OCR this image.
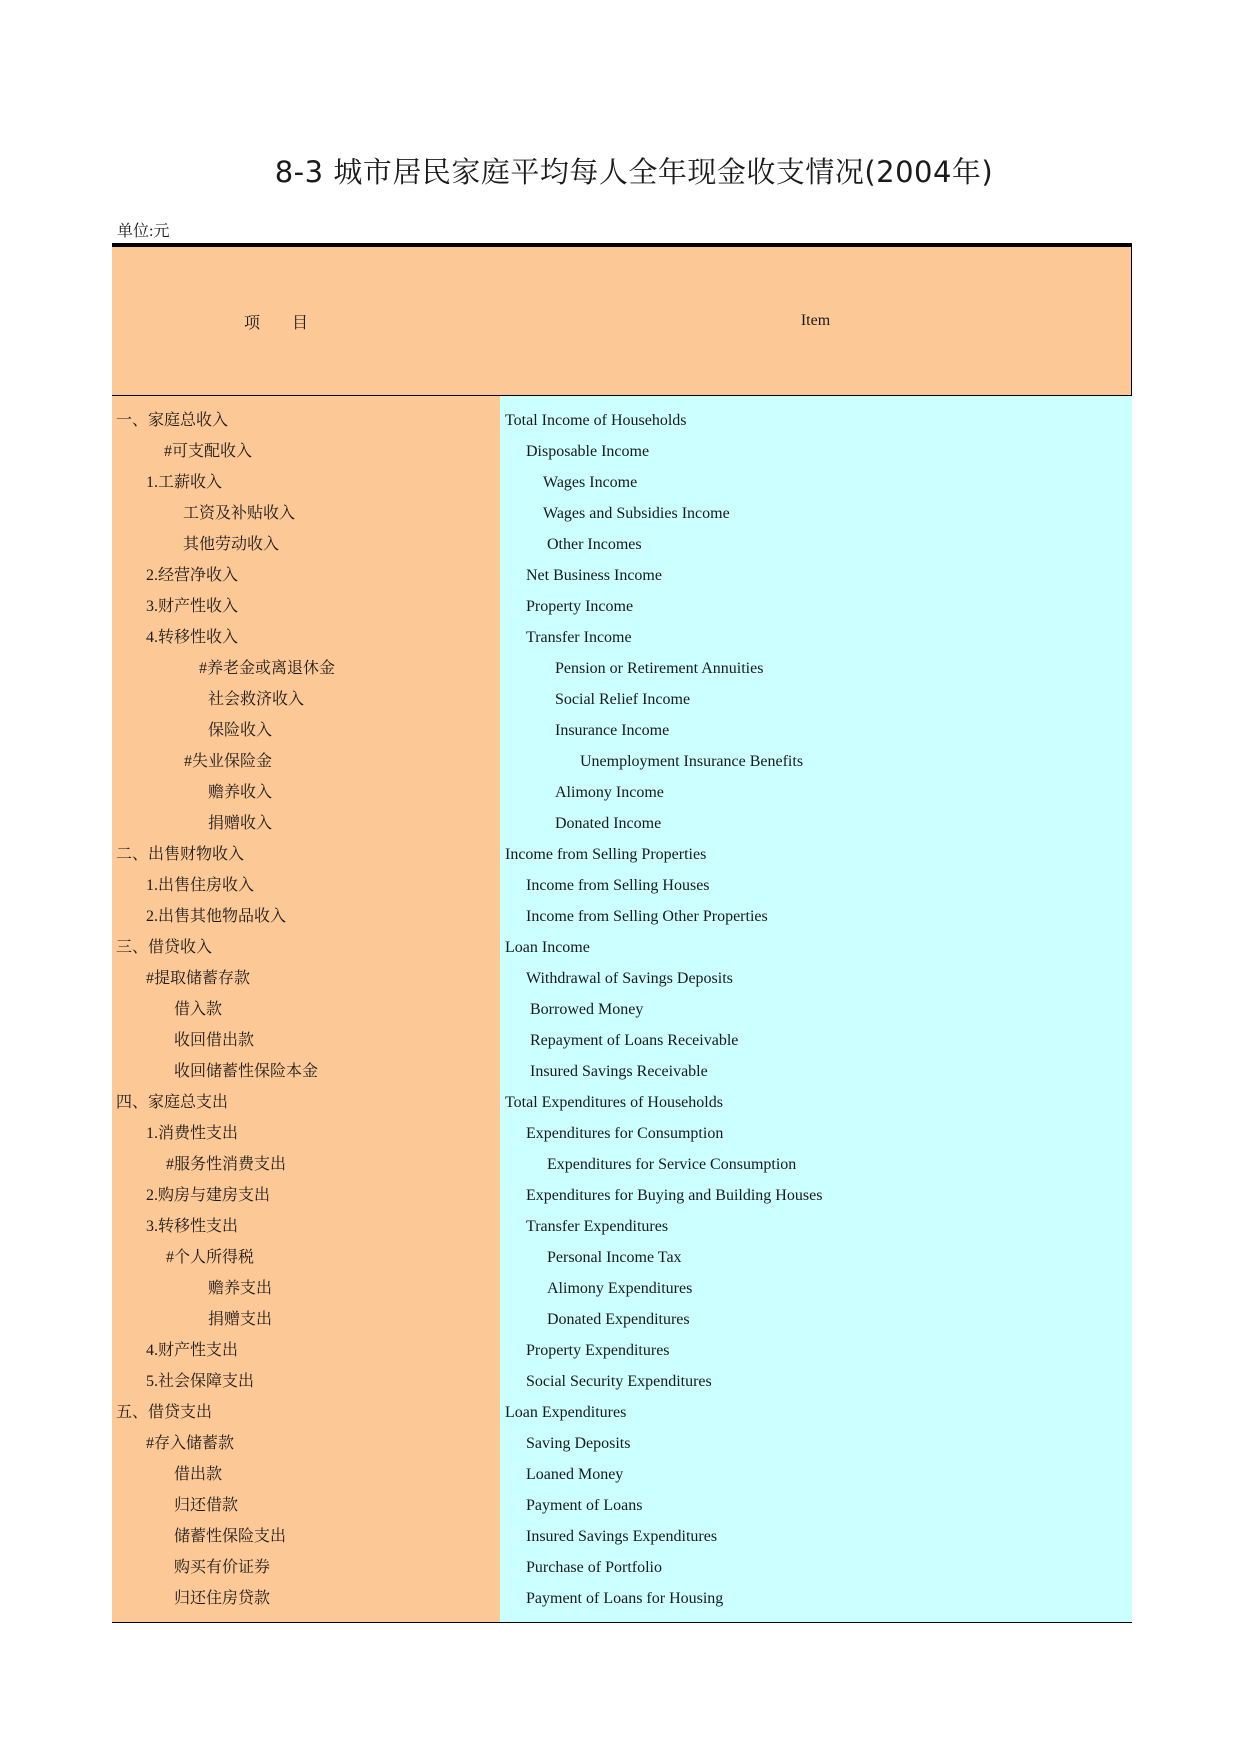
8-3 城市居民家庭平均每人全年现金收支情况(2004年)
单位:元
项　　目	Item
一、家庭总收入
#可支配收入
1.工薪收入
工资及补贴收入
其他劳动收入
2.经营净收入
3.财产性收入
4.转移性收入
#养老金或离退休金
社会救济收入
保险收入
#失业保险金
赡养收入
捐赠收入
二、出售财物收入
1.出售住房收入
2.出售其他物品收入
三、借贷收入
#提取储蓄存款
借入款
收回借出款
收回储蓄性保险本金
四、家庭总支出
1.消费性支出
#服务性消费支出
2.购房与建房支出
3.转移性支出
#个人所得税
赡养支出
捐赠支出
4.财产性支出
5.社会保障支出
五、借贷支出
#存入储蓄款
借出款
归还借款
储蓄性保险支出
购买有价证券
归还住房贷款
Total Income of Households
Disposable Income
Wages Income
Wages and Subsidies Income
Other Incomes
Net Business Income
Property Income
Transfer Income
Pension or Retirement Annuities
Social Relief Income
Insurance Income
Unemployment Insurance Benefits
Alimony Income
Donated Income
Income from Selling Properties
Income from Selling Houses
Income from Selling Other Properties
Loan Income
Withdrawal of Savings Deposits
Borrowed Money
Repayment of Loans Receivable
Insured Savings Receivable
Total Expenditures of Households
Expenditures for Consumption
Expenditures for Service Consumption
Expenditures for Buying and Building Houses
Transfer Expenditures
Personal Income Tax
Alimony Expenditures
Donated Expenditures
Property Expenditures
Social Security Expenditures
Loan Expenditures
Saving Deposits
Loaned Money
Payment of Loans
Insured Savings Expenditures
Purchase of Portfolio
Payment of Loans for Housing
